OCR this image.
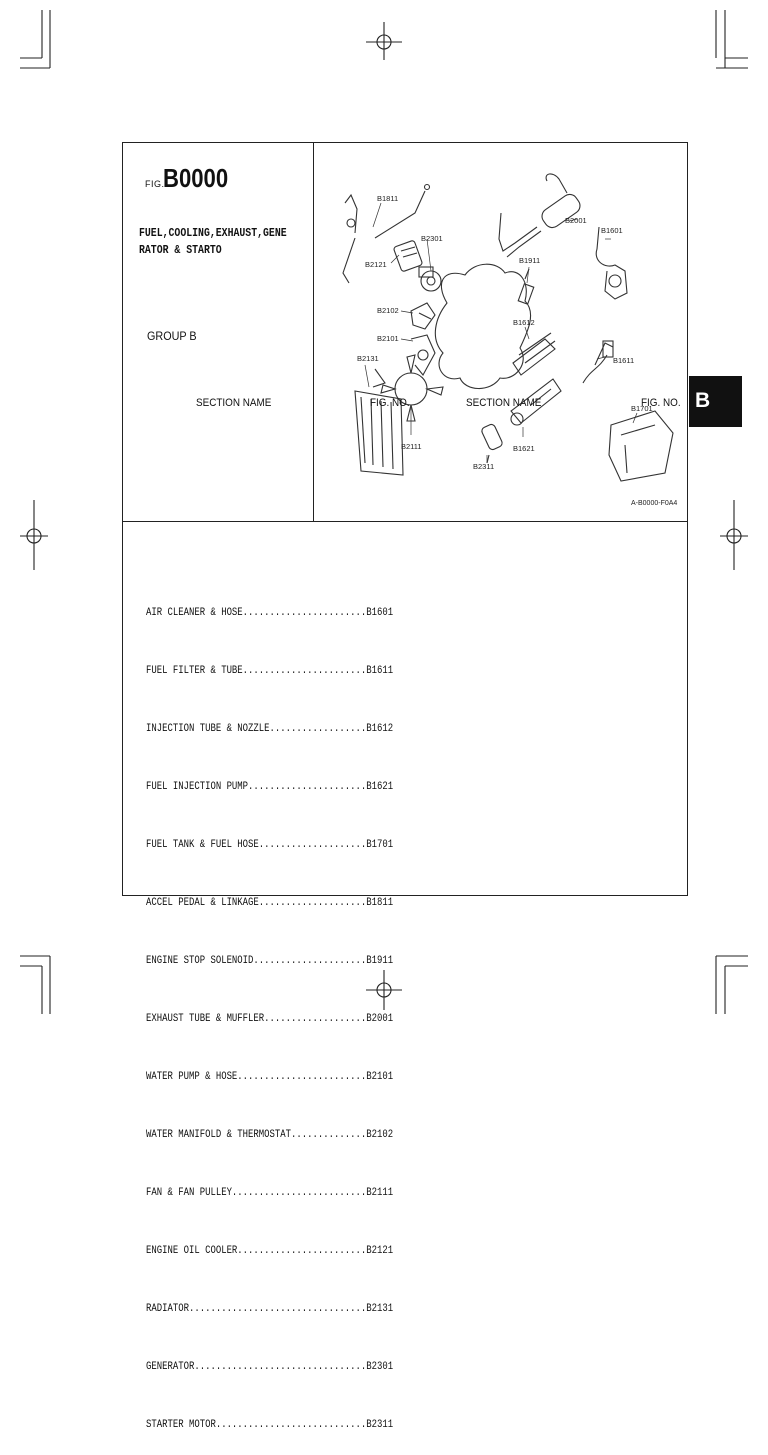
FIG.
B0000
FUEL,COOLING,EXHAUST,GENE
RATOR & STARTO
GROUP B
B1811
B2121
B2301
B2001
B1601
B1911
B2102
B1612
B2101
B2131	B1611
B1701
B2111	B1621
B2311
A-B0000-F0A4
SECTION NAME	FIG. NO.	SECTION NAME	FIG. NO.

AIR CLEANER & HOSE.......................B1601

FUEL FILTER & TUBE.......................B1611

INJECTION TUBE & NOZZLE..................B1612

FUEL INJECTION PUMP......................B1621

FUEL TANK & FUEL HOSE....................B1701

ACCEL PEDAL & LINKAGE....................B1811

ENGINE STOP SOLENOID.....................B1911

EXHAUST TUBE & MUFFLER...................B2001

WATER PUMP & HOSE........................B2101

WATER MANIFOLD & THERMOSTAT..............B2102

FAN & FAN PULLEY.........................B2111

ENGINE OIL COOLER........................B2121

RADIATOR.................................B2131

GENERATOR................................B2301

STARTER MOTOR............................B2311

B
